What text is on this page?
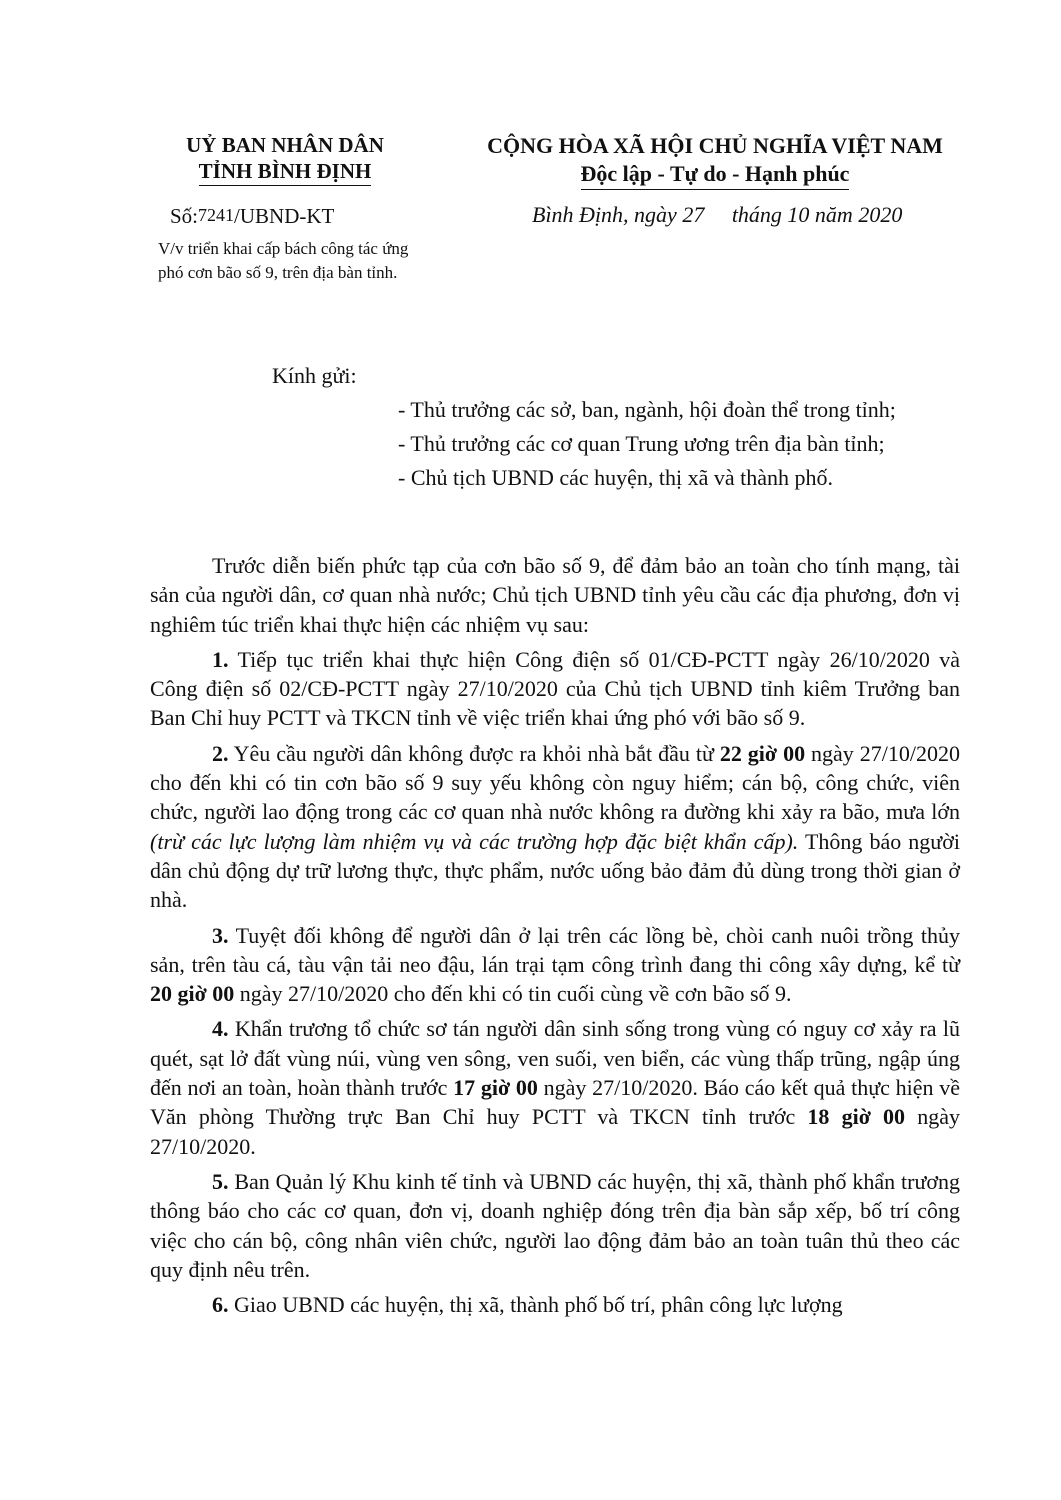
UỶ BAN NHÂN DÂN
TỈNH BÌNH ĐỊNH
CỘNG HÒA XÃ HỘI CHỦ NGHĨA VIỆT NAM
Độc lập - Tự do - Hạnh phúc
Số:7241/UBND-KT
V/v triển khai cấp bách công tác ứng phó cơn bão số 9, trên địa bàn tỉnh.
Bình Định, ngày 27     tháng 10 năm 2020
Kính gửi:
- Thủ trưởng các sở, ban, ngành, hội đoàn thể trong tỉnh;
- Thủ trưởng các cơ quan Trung ương trên địa bàn tỉnh;
- Chủ tịch UBND các huyện, thị xã và thành phố.

Trước diễn biến phức tạp của cơn bão số 9, để đảm bảo an toàn cho tính mạng, tài sản của người dân, cơ quan nhà nước; Chủ tịch UBND tỉnh yêu cầu các địa phương, đơn vị nghiêm túc triển khai thực hiện các nhiệm vụ sau:

1. Tiếp tục triển khai thực hiện Công điện số 01/CĐ-PCTT ngày 26/10/2020 và Công điện số 02/CĐ-PCTT ngày 27/10/2020 của Chủ tịch UBND tỉnh kiêm Trưởng ban Ban Chỉ huy PCTT và TKCN tỉnh về việc triển khai ứng phó với bão số 9.

2. Yêu cầu người dân không được ra khỏi nhà bắt đầu từ 22 giờ 00 ngày 27/10/2020 cho đến khi có tin cơn bão số 9 suy yếu không còn nguy hiểm; cán bộ, công chức, viên chức, người lao động trong các cơ quan nhà nước không ra đường khi xảy ra bão, mưa lớn (trừ các lực lượng làm nhiệm vụ và các trường hợp đặc biệt khẩn cấp). Thông báo người dân chủ động dự trữ lương thực, thực phẩm, nước uống bảo đảm đủ dùng trong thời gian ở nhà.

3. Tuyệt đối không để người dân ở lại trên các lồng bè, chòi canh nuôi trồng thủy sản, trên tàu cá, tàu vận tải neo đậu, lán trại tạm công trình đang thi công xây dựng, kể từ 20 giờ 00 ngày 27/10/2020 cho đến khi có tin cuối cùng về cơn bão số 9.

4. Khẩn trương tổ chức sơ tán người dân sinh sống trong vùng có nguy cơ xảy ra lũ quét, sạt lở đất vùng núi, vùng ven sông, ven suối, ven biển, các vùng thấp trũng, ngập úng đến nơi an toàn, hoàn thành trước 17 giờ 00 ngày 27/10/2020. Báo cáo kết quả thực hiện về Văn phòng Thường trực Ban Chỉ huy PCTT và TKCN tỉnh trước 18 giờ 00 ngày 27/10/2020.

5. Ban Quản lý Khu kinh tế tỉnh và UBND các huyện, thị xã, thành phố khẩn trương thông báo cho các cơ quan, đơn vị, doanh nghiệp đóng trên địa bàn sắp xếp, bố trí công việc cho cán bộ, công nhân viên chức, người lao động đảm bảo an toàn tuân thủ theo các quy định nêu trên.

6. Giao UBND các huyện, thị xã, thành phố bố trí, phân công lực lượng
